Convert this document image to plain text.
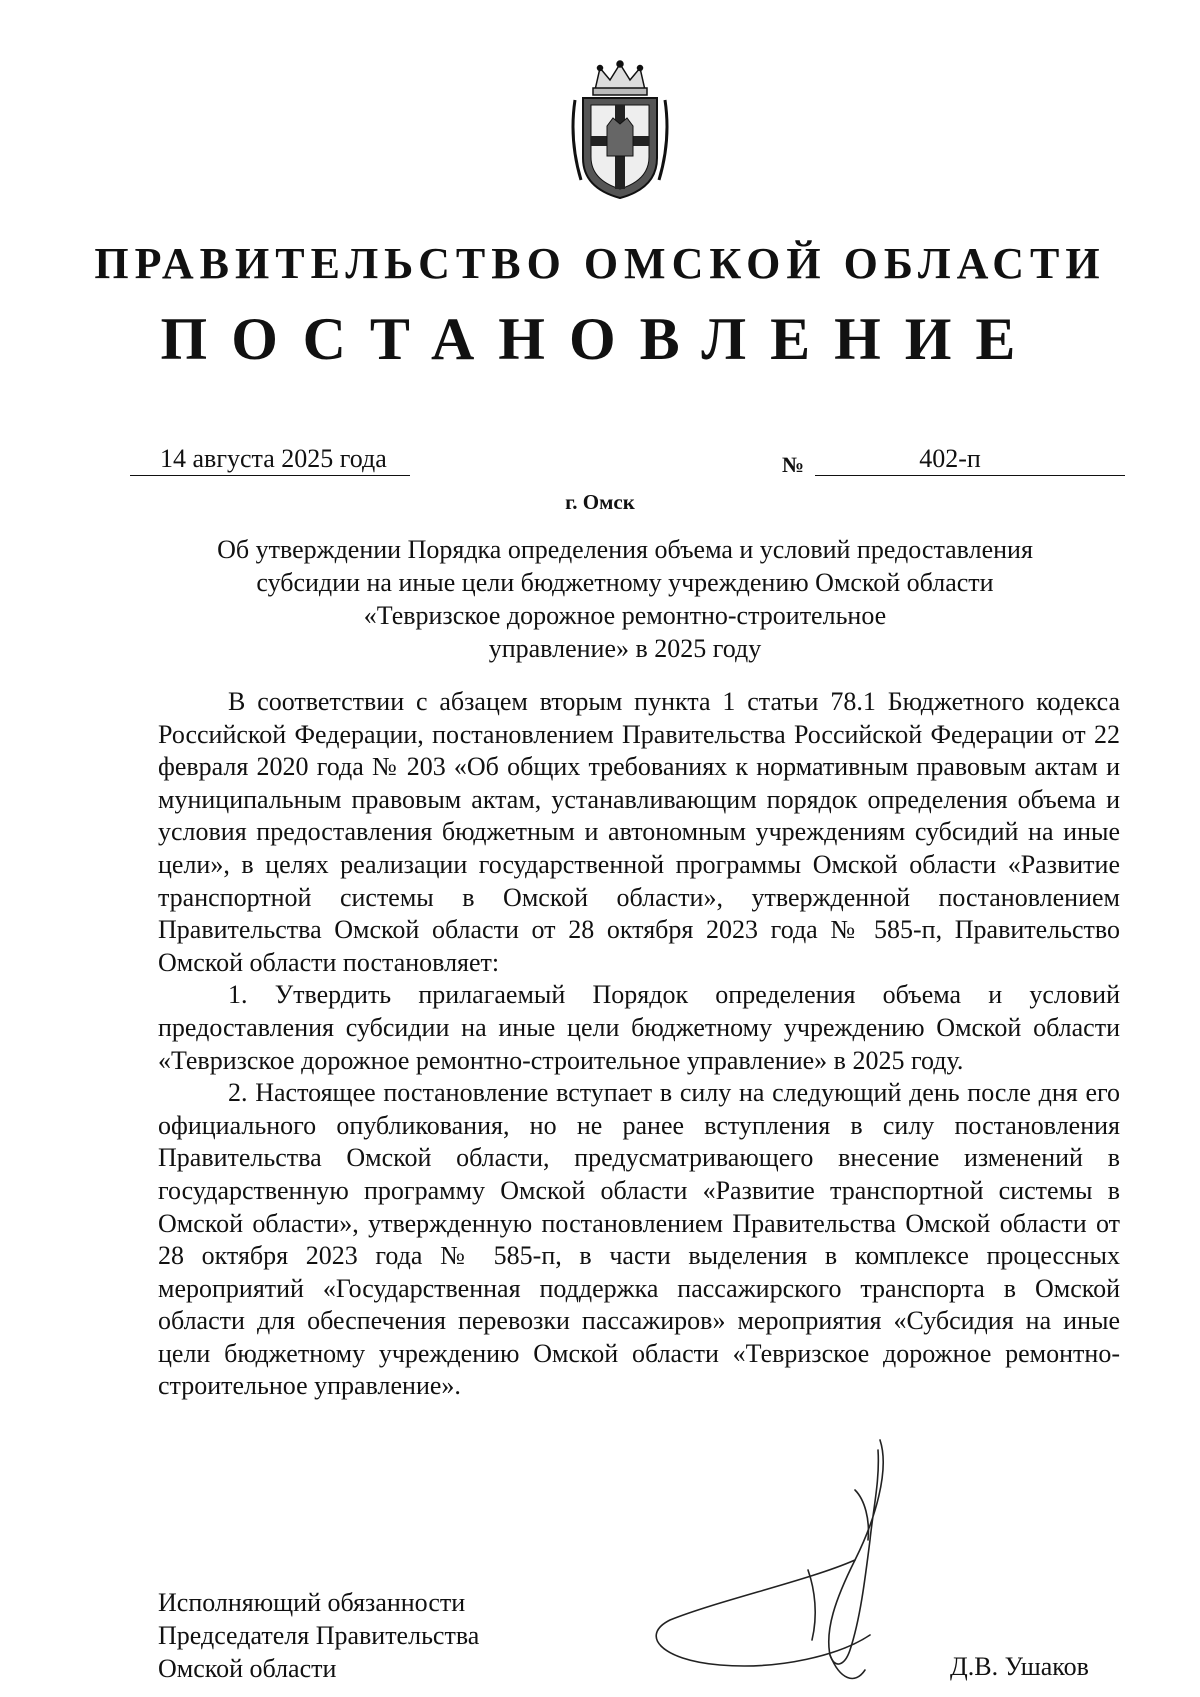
ПРАВИТЕЛЬСТВО ОМСКОЙ ОБЛАСТИ
ПОСТАНОВЛЕНИЕ
14 августа 2025 года	№	402-п
г. Омск
Об утверждении Порядка определения объема и условий предоставления
субсидии на иные цели бюджетному учреждению Омской области
«Тевризское дорожное ремонтно-строительное
управление» в 2025 году

В соответствии с абзацем вторым пункта 1 статьи 78.1 Бюджетного кодекса Российской Федерации, постановлением Правительства Российской Федерации от 22 февраля 2020 года № 203 «Об общих требованиях к нормативным правовым актам и муниципальным правовым актам, устанавливающим порядок определения объема и условия предоставления бюджетным и автономным учреждениям субсидий на иные цели», в целях реализации государственной программы Омской области «Развитие транспортной системы в Омской области», утвержденной постановлением Правительства Омской области от 28 октября 2023 года № 585-п, Правительство Омской области постановляет:

1. Утвердить прилагаемый Порядок определения объема и условий предоставления субсидии на иные цели бюджетному учреждению Омской области «Тевризское дорожное ремонтно-строительное управление» в 2025 году.

2. Настоящее постановление вступает в силу на следующий день после дня его официального опубликования, но не ранее вступления в силу постановления Правительства Омской области, предусматривающего внесение изменений в государственную программу Омской области «Развитие транспортной системы в Омской области», утвержденную постановлением Правительства Омской области от 28 октября 2023 года № 585-п, в части выделения в комплексе процессных мероприятий «Государственная поддержка пассажирского транспорта в Омской области для обеспечения перевозки пассажиров» мероприятия «Субсидия на иные цели бюджетному учреждению Омской области «Тевризское дорожное ремонтно-строительное управление».

Исполняющий обязанности
Председателя Правительства
Омской области	Д.В. Ушаков
